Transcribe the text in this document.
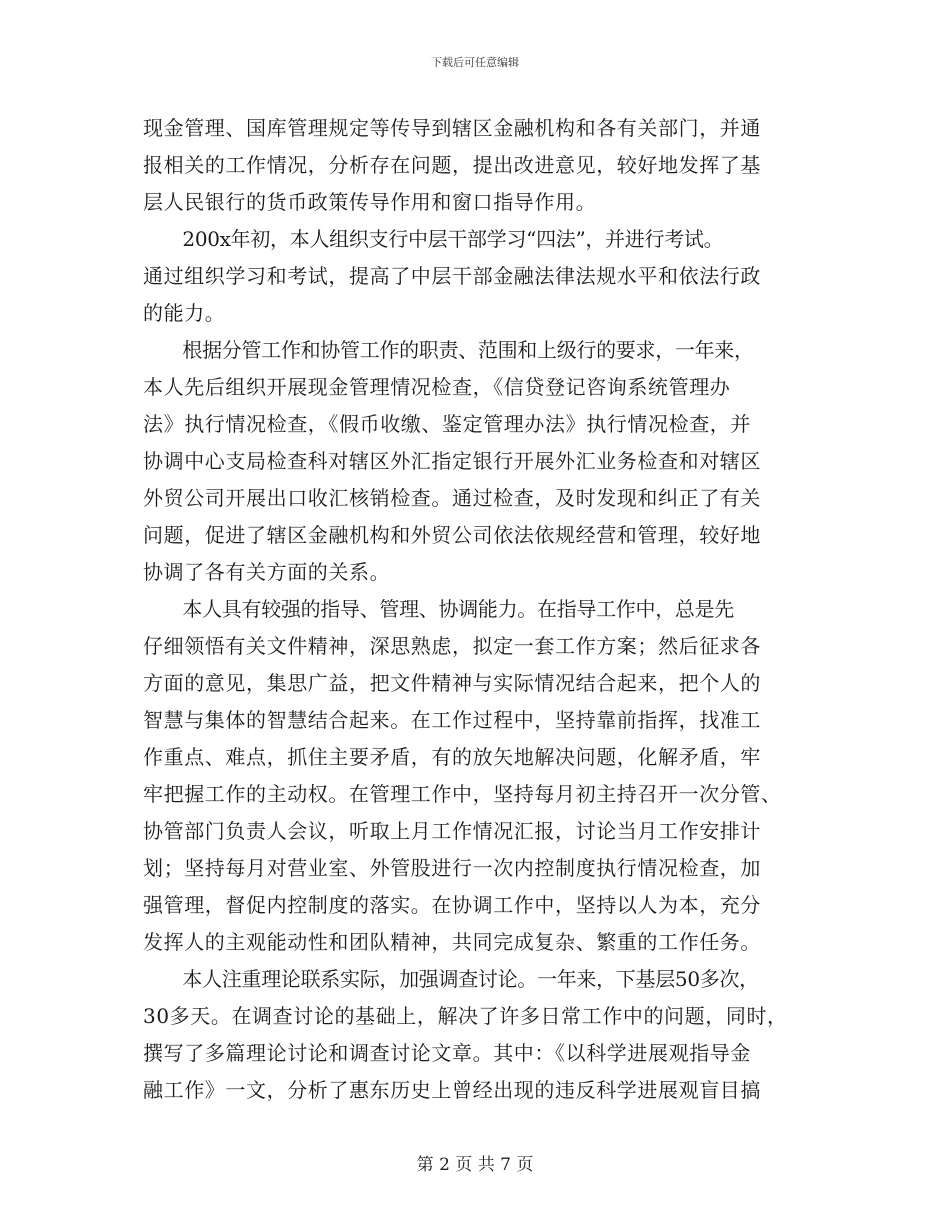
下载后可任意编辑
现金管理、国库管理规定等传导到辖区金融机构和各有关部门，并通
报相关的工作情况，分析存在问题，提出改进意见，较好地发挥了基
层人民银行的货币政策传导作用和窗口指导作用。
　　200x年初，本人组织支行中层干部学习“四法”，并进行考试。
通过组织学习和考试，提高了中层干部金融法律法规水平和依法行政
的能力。
　　根据分管工作和协管工作的职责、范围和上级行的要求，一年来，
本人先后组织开展现金管理情况检查，《信贷登记咨询系统管理办
法》执行情况检查，《假币收缴、鉴定管理办法》执行情况检查，并
协调中心支局检查科对辖区外汇指定银行开展外汇业务检查和对辖区
外贸公司开展出口收汇核销检查。通过检查，及时发现和纠正了有关
问题，促进了辖区金融机构和外贸公司依法依规经营和管理，较好地
协调了各有关方面的关系。
　　本人具有较强的指导、管理、协调能力。在指导工作中，总是先
仔细领悟有关文件精神，深思熟虑，拟定一套工作方案；然后征求各
方面的意见，集思广益，把文件精神与实际情况结合起来，把个人的
智慧与集体的智慧结合起来。在工作过程中，坚持靠前指挥，找准工
作重点、难点，抓住主要矛盾，有的放矢地解决问题，化解矛盾，牢
牢把握工作的主动权。在管理工作中，坚持每月初主持召开一次分管、
协管部门负责人会议，听取上月工作情况汇报，讨论当月工作安排计
划；坚持每月对营业室、外管股进行一次内控制度执行情况检查，加
强管理，督促内控制度的落实。在协调工作中，坚持以人为本，充分
发挥人的主观能动性和团队精神，共同完成复杂、繁重的工作任务。
　　本人注重理论联系实际，加强调查讨论。一年来，下基层50多次，
30多天。在调查讨论的基础上，解决了许多日常工作中的问题，同时，
撰写了多篇理论讨论和调查讨论文章。其中：《以科学进展观指导金
融工作》一文，分析了惠东历史上曾经出现的违反科学进展观盲目搞
第 2 页 共 7 页
